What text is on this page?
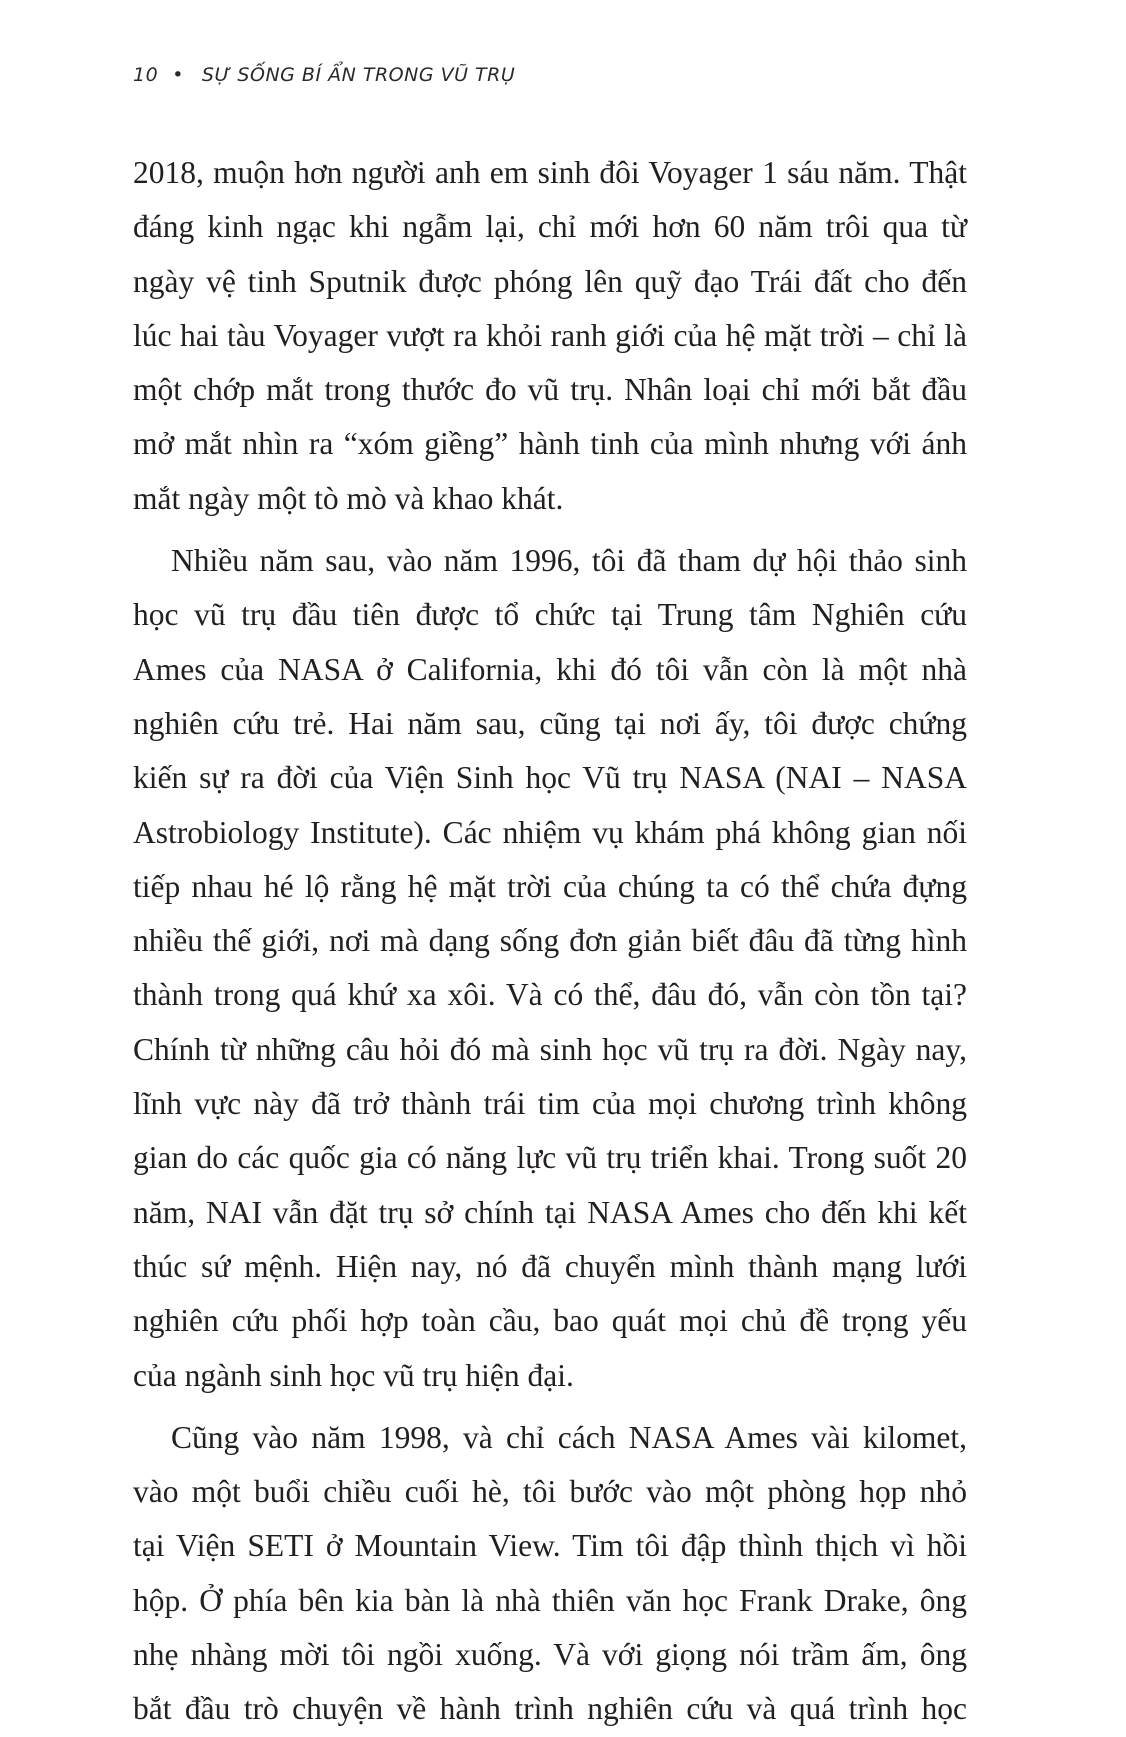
10 • SỰ SỐNG BÍ ẨN TRONG VŨ TRỤ
2018, muộn hơn người anh em sinh đôi Voyager 1 sáu năm. Thật
đáng kinh ngạc khi ngẫm lại, chỉ mới hơn 60 năm trôi qua từ
ngày vệ tinh Sputnik được phóng lên quỹ đạo Trái đất cho đến
lúc hai tàu Voyager vượt ra khỏi ranh giới của hệ mặt trời – chỉ là
một chớp mắt trong thước đo vũ trụ. Nhân loại chỉ mới bắt đầu
mở mắt nhìn ra “xóm giềng” hành tinh của mình nhưng với ánh
mắt ngày một tò mò và khao khát.
Nhiều năm sau, vào năm 1996, tôi đã tham dự hội thảo sinh
học vũ trụ đầu tiên được tổ chức tại Trung tâm Nghiên cứu
Ames của NASA ở California, khi đó tôi vẫn còn là một nhà
nghiên cứu trẻ. Hai năm sau, cũng tại nơi ấy, tôi được chứng
kiến sự ra đời của Viện Sinh học Vũ trụ NASA (NAI – NASA
Astrobiology Institute). Các nhiệm vụ khám phá không gian nối
tiếp nhau hé lộ rằng hệ mặt trời của chúng ta có thể chứa đựng
nhiều thế giới, nơi mà dạng sống đơn giản biết đâu đã từng hình
thành trong quá khứ xa xôi. Và có thể, đâu đó, vẫn còn tồn tại?
Chính từ những câu hỏi đó mà sinh học vũ trụ ra đời. Ngày nay,
lĩnh vực này đã trở thành trái tim của mọi chương trình không
gian do các quốc gia có năng lực vũ trụ triển khai. Trong suốt 20
năm, NAI vẫn đặt trụ sở chính tại NASA Ames cho đến khi kết
thúc sứ mệnh. Hiện nay, nó đã chuyển mình thành mạng lưới
nghiên cứu phối hợp toàn cầu, bao quát mọi chủ đề trọng yếu
của ngành sinh học vũ trụ hiện đại.
Cũng vào năm 1998, và chỉ cách NASA Ames vài kilomet,
vào một buổi chiều cuối hè, tôi bước vào một phòng họp nhỏ
tại Viện SETI ở Mountain View. Tim tôi đập thình thịch vì hồi
hộp. Ở phía bên kia bàn là nhà thiên văn học Frank Drake, ông
nhẹ nhàng mời tôi ngồi xuống. Và với giọng nói trầm ấm, ông
bắt đầu trò chuyện về hành trình nghiên cứu và quá trình học
